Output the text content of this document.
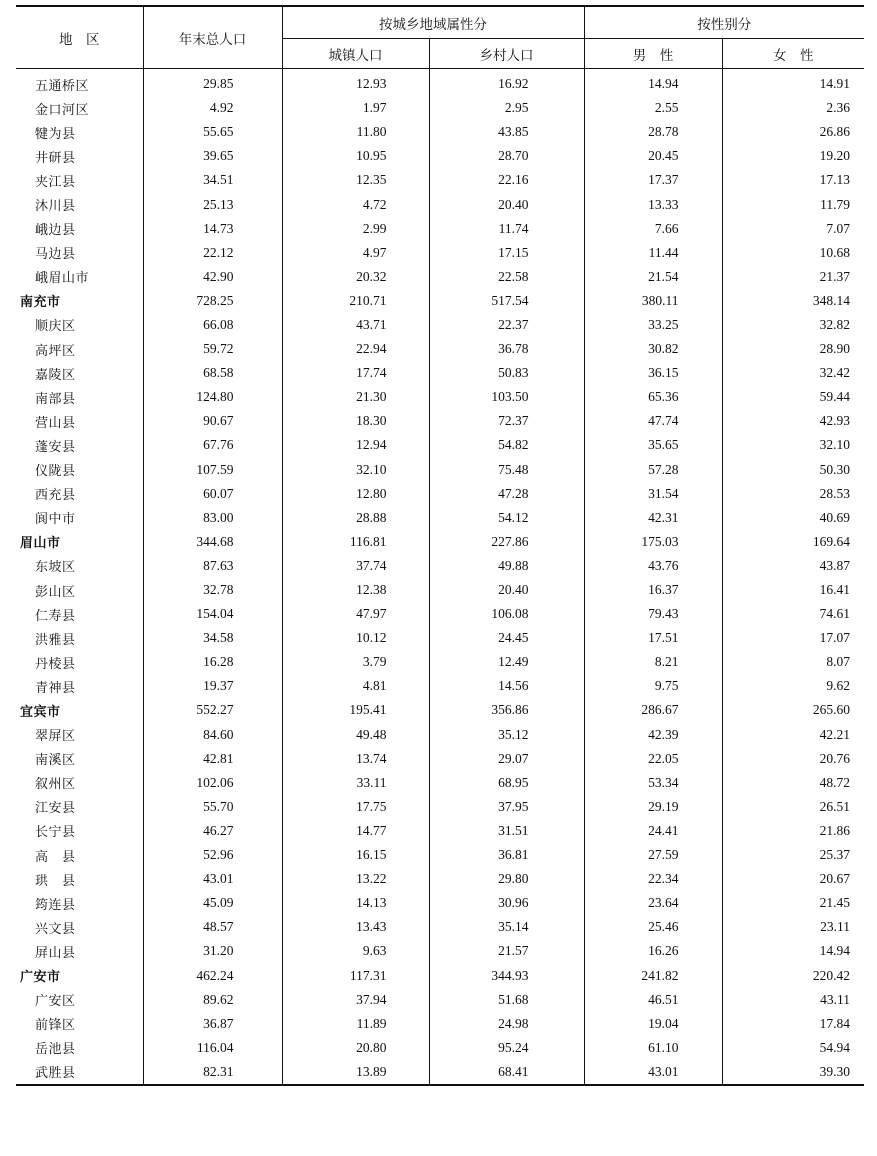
地　区	年末总人口	按城乡地域属性分		按性别分	
		城镇人口	乡村人口	男　性	女　性
五通桥区	29.85	12.93	16.92	14.94	14.91
金口河区	4.92	1.97	2.95	2.55	2.36
犍为县	55.65	11.80	43.85	28.78	26.86
井研县	39.65	10.95	28.70	20.45	19.20
夹江县	34.51	12.35	22.16	17.37	17.13
沐川县	25.13	4.72	20.40	13.33	11.79
峨边县	14.73	2.99	11.74	7.66	7.07
马边县	22.12	4.97	17.15	11.44	10.68
峨眉山市	42.90	20.32	22.58	21.54	21.37
南充市	728.25	210.71	517.54	380.11	348.14
顺庆区	66.08	43.71	22.37	33.25	32.82
高坪区	59.72	22.94	36.78	30.82	28.90
嘉陵区	68.58	17.74	50.83	36.15	32.42
南部县	124.80	21.30	103.50	65.36	59.44
营山县	90.67	18.30	72.37	47.74	42.93
蓬安县	67.76	12.94	54.82	35.65	32.10
仪陇县	107.59	32.10	75.48	57.28	50.30
西充县	60.07	12.80	47.28	31.54	28.53
阆中市	83.00	28.88	54.12	42.31	40.69
眉山市	344.68	116.81	227.86	175.03	169.64
东坡区	87.63	37.74	49.88	43.76	43.87
彭山区	32.78	12.38	20.40	16.37	16.41
仁寿县	154.04	47.97	106.08	79.43	74.61
洪雅县	34.58	10.12	24.45	17.51	17.07
丹棱县	16.28	3.79	12.49	8.21	8.07
青神县	19.37	4.81	14.56	9.75	9.62
宜宾市	552.27	195.41	356.86	286.67	265.60
翠屏区	84.60	49.48	35.12	42.39	42.21
南溪区	42.81	13.74	29.07	22.05	20.76
叙州区	102.06	33.11	68.95	53.34	48.72
江安县	55.70	17.75	37.95	29.19	26.51
长宁县	46.27	14.77	31.51	24.41	21.86
高　县	52.96	16.15	36.81	27.59	25.37
珙　县	43.01	13.22	29.80	22.34	20.67
筠连县	45.09	14.13	30.96	23.64	21.45
兴文县	48.57	13.43	35.14	25.46	23.11
屏山县	31.20	9.63	21.57	16.26	14.94
广安市	462.24	117.31	344.93	241.82	220.42
广安区	89.62	37.94	51.68	46.51	43.11
前锋区	36.87	11.89	24.98	19.04	17.84
岳池县	116.04	20.80	95.24	61.10	54.94
武胜县	82.31	13.89	68.41	43.01	39.30
